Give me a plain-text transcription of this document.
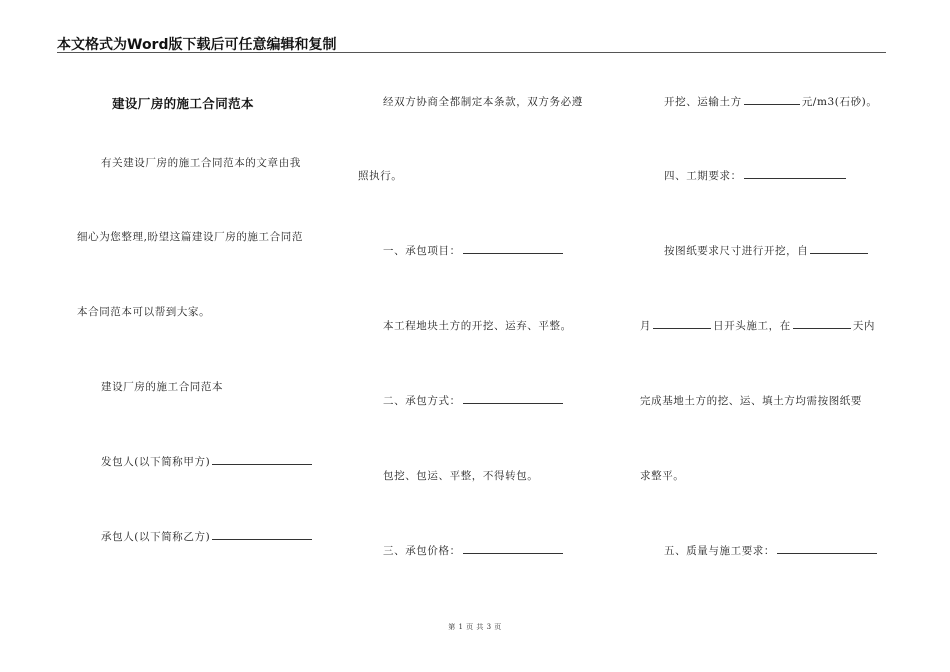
本文格式为Word版下载后可任意编辑和复制
建设厂房的施工合同范本
有关建设厂房的施工合同范本的文章由我
细心为您整理,盼望这篇建设厂房的施工合同范
本合同范本可以帮到大家。
建设厂房的施工合同范本
发包人(以下简称甲方)
承包人(以下简称乙方)
经双方协商全都制定本条款，双方务必遵
照执行。
一、承包项目：
本工程地块土方的开挖、运弃、平整。
二、承包方式：
包挖、包运、平整，不得转包。
三、承包价格：
开挖、运输土方	元/m3(石砂)。
四、工期要求：
按图纸要求尺寸进行开挖，自
月	日开头施工，在	天内
完成基地土方的挖、运、填土方均需按图纸要
求整平。
五、质量与施工要求：
第 1 页 共 3 页
